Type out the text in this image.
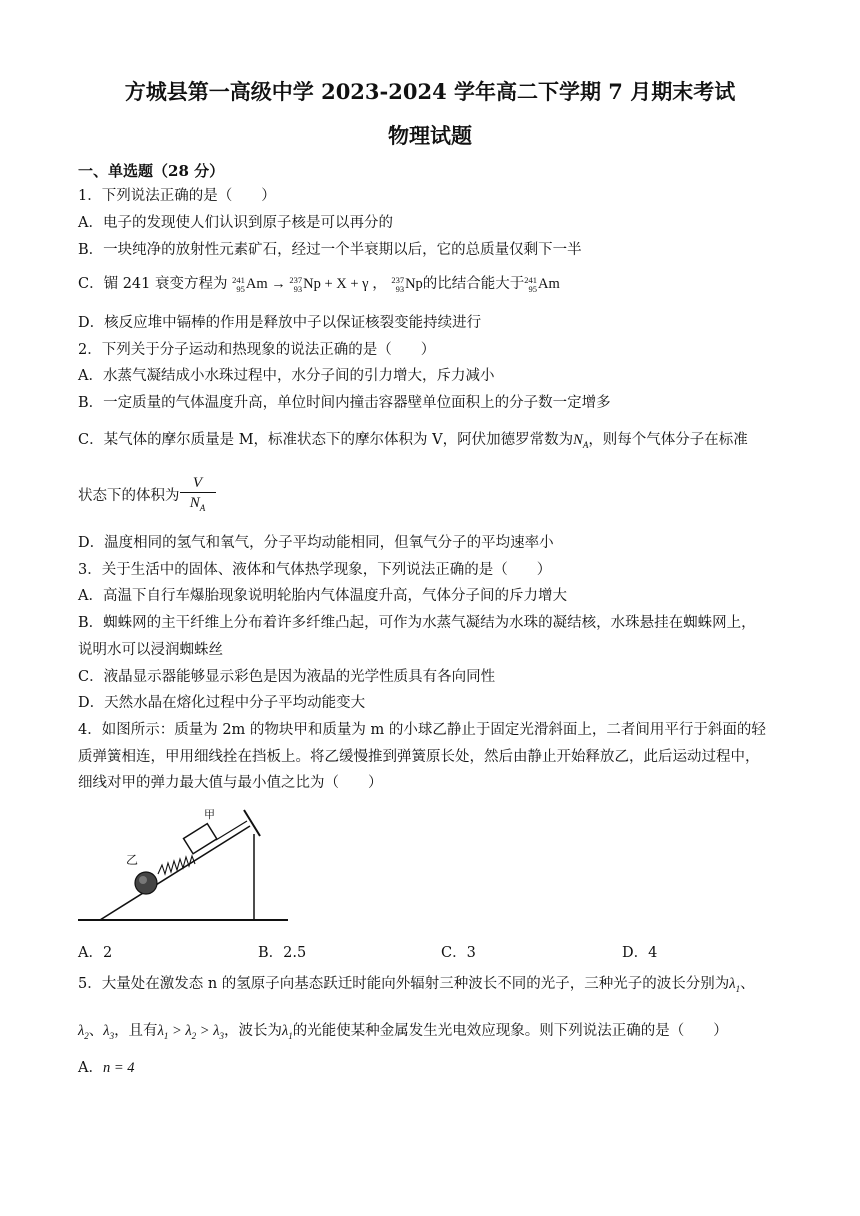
方城县第一高级中学 2023-2024 学年高二下学期 7 月期末考试
物理试题
一、单选题（28 分）
1．下列说法正确的是（　　）
A．电子的发现使人们认识到原子核是可以再分的
B．一块纯净的放射性元素矿石，经过一个半衰期以后，它的总质量仅剩下一半
C．镅 241 衰变方程为 241
95 Am → 237
93 Np + X + γ ， 237
93 Np的比结合能大于 241
95 Am
D．核反应堆中镉棒的作用是释放中子以保证核裂变能持续进行
2．下列关于分子运动和热现象的说法正确的是（　　）
A．水蒸气凝结成小水珠过程中，水分子间的引力增大，斥力减小
B．一定质量的气体温度升高，单位时间内撞击容器壁单位面积上的分子数一定增多
C．某气体的摩尔质量是 M，标准状态下的摩尔体积为 V，阿伏加德罗常数为$N_A$，则每个气体分子在标准
状态下的体积为 $\frac{V}{N_A}$
D．温度相同的氢气和氧气，分子平均动能相同，但氧气分子的平均速率小
3．关于生活中的固体、液体和气体热学现象，下列说法正确的是（　　）
A．高温下自行车爆胎现象说明轮胎内气体温度升高，气体分子间的斥力增大
B．蜘蛛网的主干纤维上分布着许多纤维凸起，可作为水蒸气凝结为水珠的凝结核，水珠悬挂在蜘蛛网上，
说明水可以浸润蜘蛛丝
C．液晶显示器能够显示彩色是因为液晶的光学性质具有各向同性
D．天然水晶在熔化过程中分子平均动能变大
4．如图所示：质量为 2m 的物块甲和质量为 m 的小球乙静止于固定光滑斜面上，二者间用平行于斜面的轻
质弹簧相连，甲用细线拴在挡板上。将乙缓慢推到弹簧原长处，然后由静止开始释放乙，此后运动过程中，
细线对甲的弹力最大值与最小值之比为（　　）
甲
乙
A．2	B．2.5	C．3	D．4
5．大量处在激发态 n 的氢原子向基态跃迁时能向外辐射三种波长不同的光子，三种光子的波长分别为$\lambda_1$、
$\lambda_2$、$\lambda_3$，且有$\lambda_1 > \lambda_2 > \lambda_3$，波长为$\lambda_1$的光能使某种金属发生光电效应现象。则下列说法正确的是（　　）
A．n = 4
